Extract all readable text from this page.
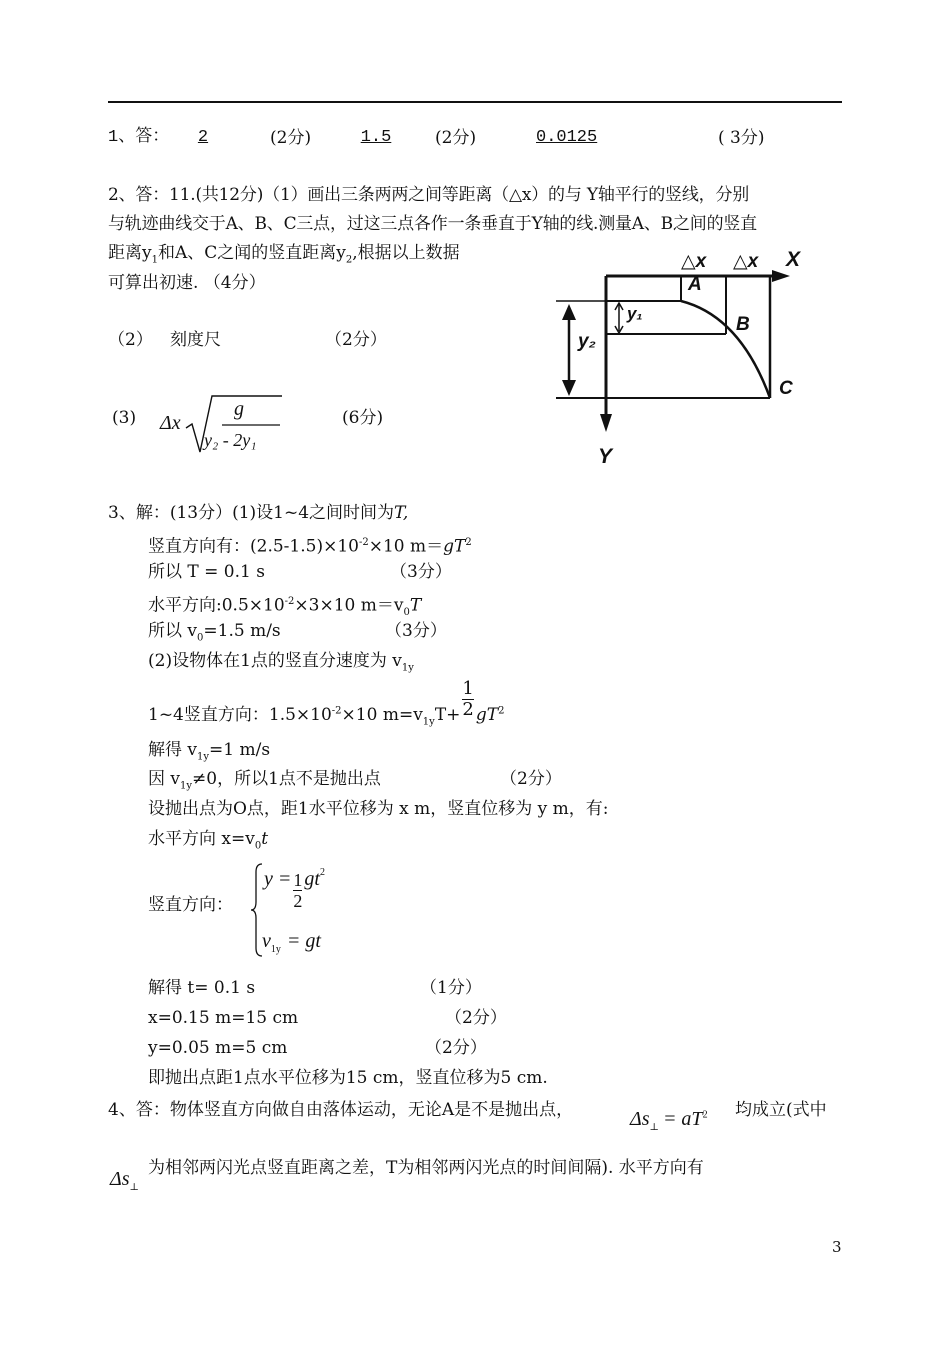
1、答：	2	(2分)	1.5	(2分)	0.0125	( 3分)
2、答：11.(共12分)（1）画出三条两两之间等距离（△x）的与 Y轴平行的竖线，分别
与轨迹曲线交于A、B、C三点，过这三点各作一条垂直于Y轴的线.测量A、B之间的竖直
距离$y_1$和A、C之闻的竖直距离$y_2$,根据以上数据
可算出初速. （4分）
（2） 刻度尺	（2分）
(3) Δx
g
y₂ - 2y₁
(6分)
△x △x X
A
B
C
y₁
y₂
Y
3、解：(13分）(1)设1~4之间时间为T,
竖直方向有：$(2.5-1.5)\times 10^{-2}\times 10$ $m=gT^2$
所以 T = 0.1 s	（3分）
水平方向$:0.5\times 10^{-2}\times 3\times 10$ $m=v_0T$
所以 $v_0=1.5$ m/s	（3分）
(2)设物体在1点的竖直分速度为 $v_{1y}$
1~4竖直方向：$1.5\times 10^{-2}\times 10$ $m=v_{1y}T+ \frac{1}{2} gT^2$
解得 $v_{1y}=1$ m/s
因 $v_{1y}\ne 0$，所以1点不是抛出点	（2分）
设抛出点为O点，距1水平位移为 x m，竖直位移为 y m，有:
水平方向 $x=v_0t$
竖直方向：
$y = \frac{1}{2} gt^2$
$v_{1y}$ = gt
解得 t= 0.1 s	（1分）
x=0.15 m=15 cm	（2分）
y=0.05 m=5 cm	（2分）
即抛出点距1点水平位移为15 cm，竖直位移为5 cm.
4、答：物体竖直方向做自由落体运动，无论A是不是抛出点，	$\Delta s_\perp = aT^2$ 均成立(式中
$\Delta s_\perp$
为相邻两闪光点竖直距离之差，T为相邻两闪光点的时间间隔). 水平方向有
3
